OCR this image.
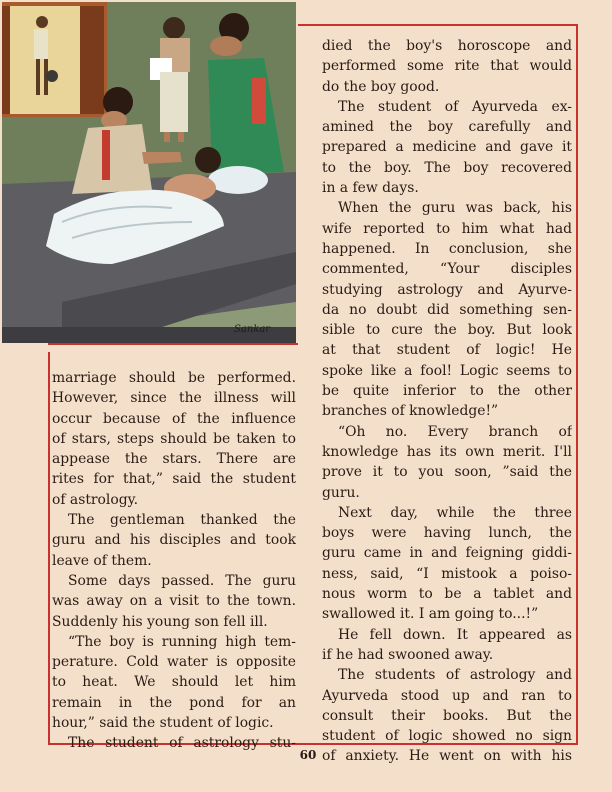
Sankar
died the boy's horoscope and
performed some rite that would
do the boy good.
The student of Ayurveda ex-
amined the boy carefully and
prepared a medicine and gave it
to the boy. The boy recovered
in a few days.
When the guru was back, his
wife reported to him what had
happened. In conclusion, she
commented, “Your disciples
studying astrology and Ayurve-
da no doubt did something sen-
sible to cure the boy. But look
at that student of logic! He
spoke like a fool! Logic seems to
be quite inferior to the other
branches of knowledge!”
“Oh no. Every branch of
knowledge has its own merit. I'll
prove it to you soon, ”said the
guru.
Next day, while the three
boys were having lunch, the
guru came in and feigning giddi-
ness, said, “I mistook a poiso-
nous worm to be a tablet and
swallowed it. I am going to...!”
He fell down. It appeared as
if he had swooned away.
The students of astrology and
Ayurveda stood up and ran to
consult their books. But the
student of logic showed no sign
of anxiety. He went on with his
marriage should be performed.
However, since the illness will
occur because of the influence
of stars, steps should be taken to
appease the stars. There are
rites for that,” said the student
of astrology.
The gentleman thanked the
guru and his disciples and took
leave of them.
Some days passed. The guru
was away on a visit to the town.
Suddenly his young son fell ill.
“The boy is running high tem-
perature. Cold water is opposite
to heat. We should let him
remain in the pond for an
hour,” said the student of logic.
The student of astrology stu-
60
